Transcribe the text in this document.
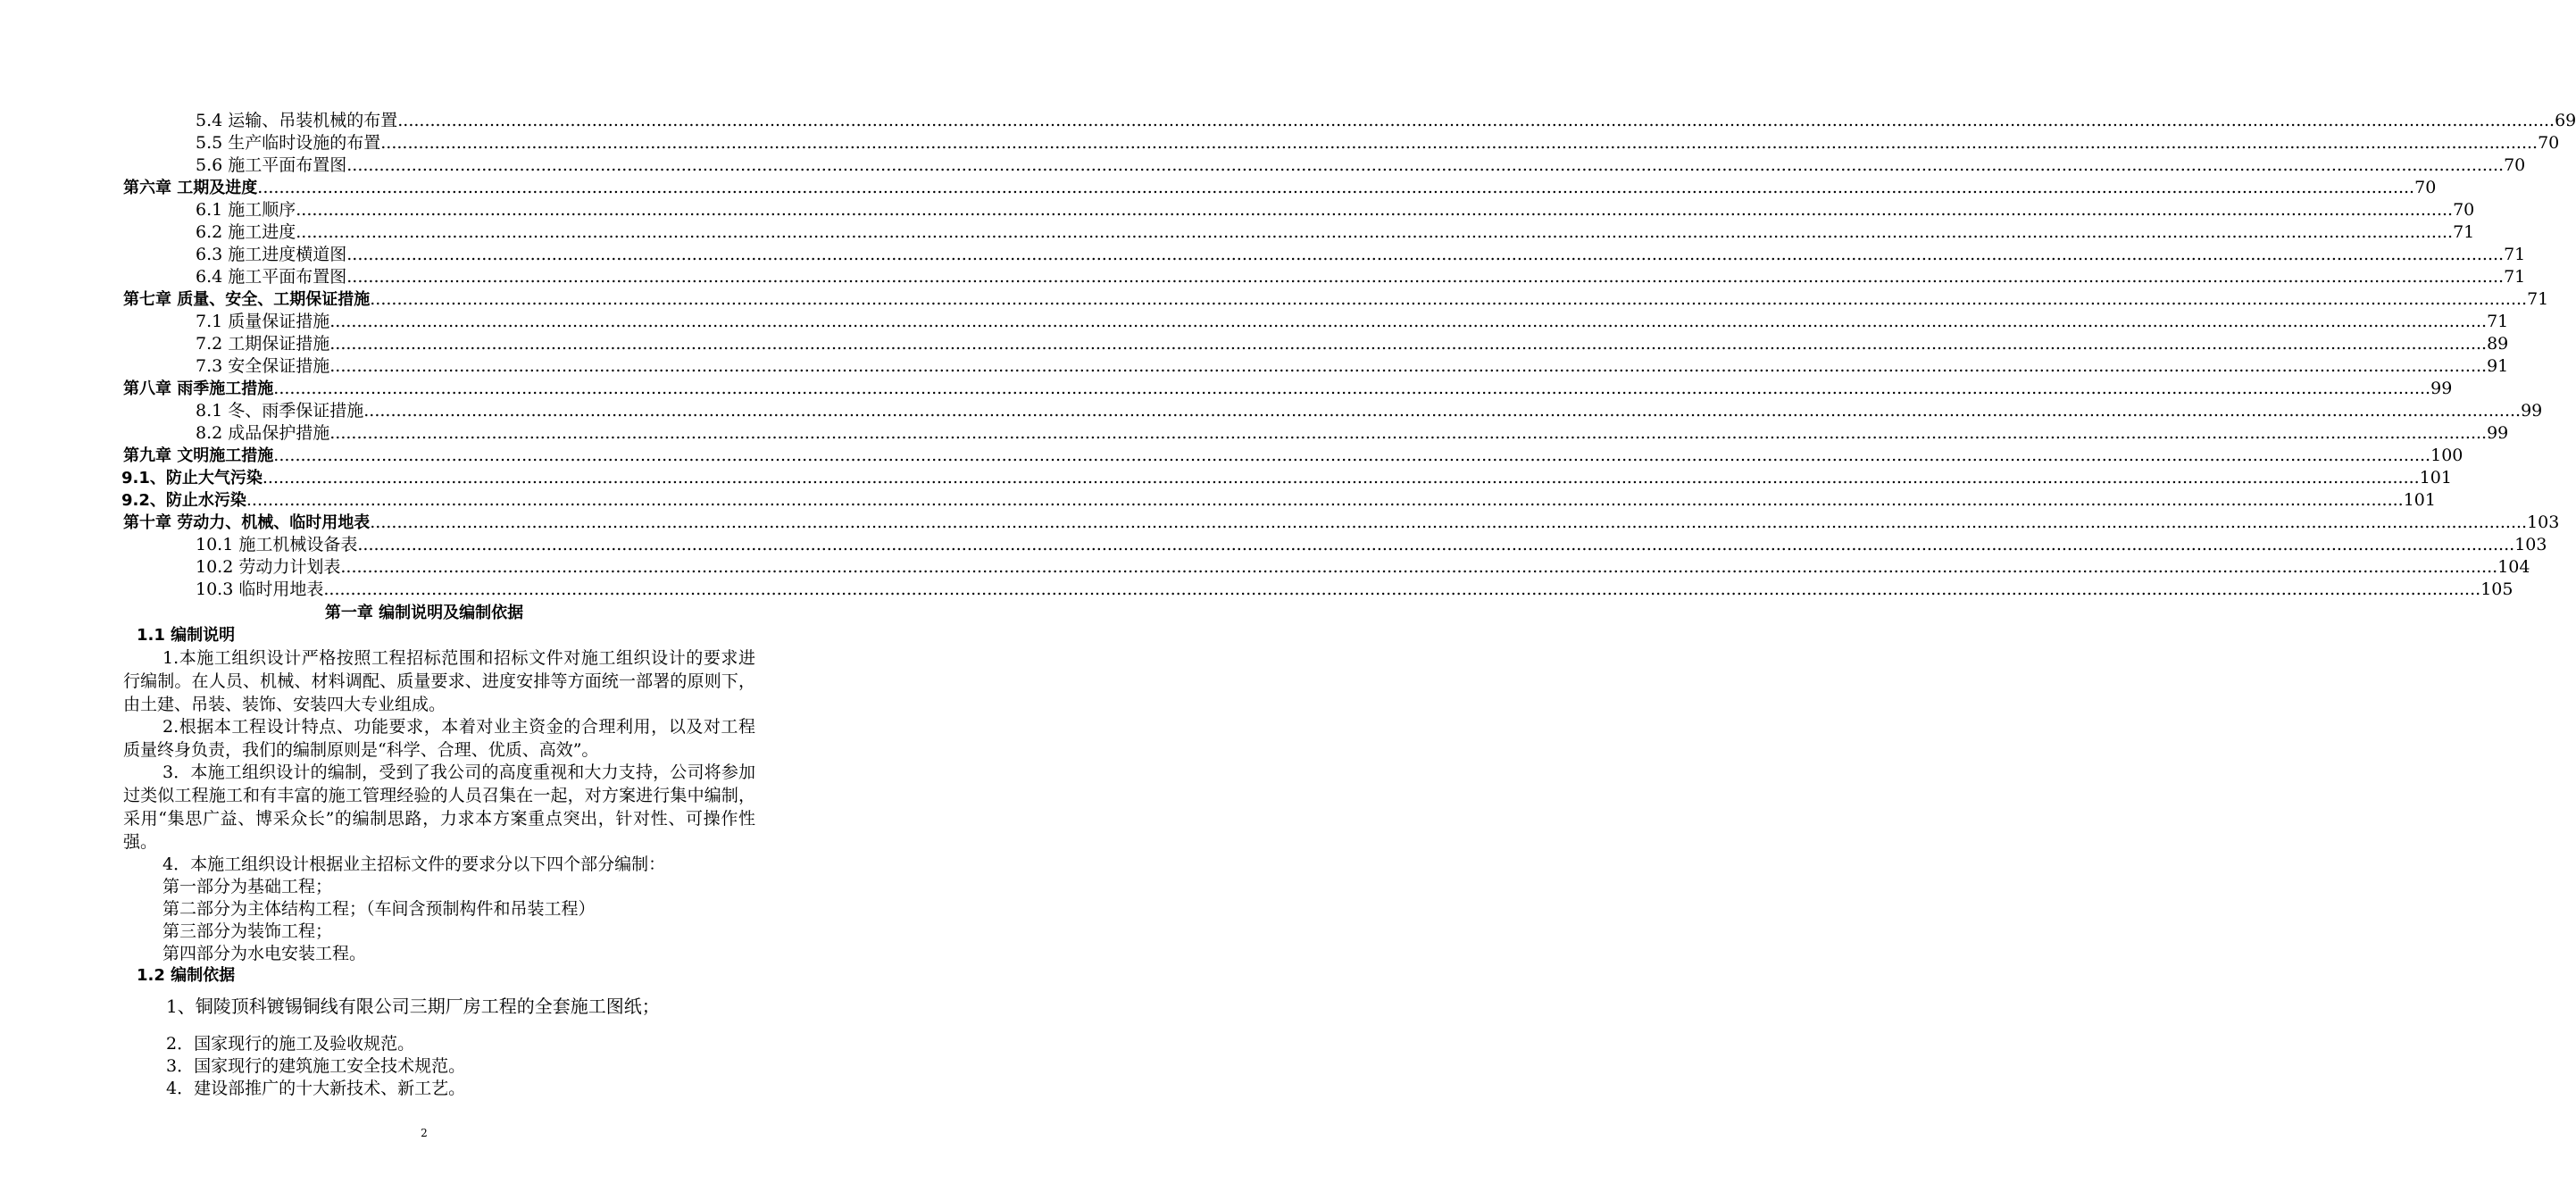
5.4 运输、吊装机械的布置 ................................................................................................................................................................................................................................................................................................................................................................................................................ 69
5.5 生产临时设施的布置 ................................................................................................................................................................................................................................................................................................................................................................................................................ 70
5.6 施工平面布置图 ................................................................................................................................................................................................................................................................................................................................................................................................................ 70
第六章 工期及进度 ................................................................................................................................................................................................................................................................................................................................................................................................................ 70
6.1 施工顺序 ................................................................................................................................................................................................................................................................................................................................................................................................................ 70
6.2 施工进度 ................................................................................................................................................................................................................................................................................................................................................................................................................ 71
6.3 施工进度横道图 ................................................................................................................................................................................................................................................................................................................................................................................................................ 71
6.4 施工平面布置图 ................................................................................................................................................................................................................................................................................................................................................................................................................ 71
第七章 质量、安全、工期保证措施 ................................................................................................................................................................................................................................................................................................................................................................................................................ 71
7.1 质量保证措施 ................................................................................................................................................................................................................................................................................................................................................................................................................ 71
7.2 工期保证措施 ................................................................................................................................................................................................................................................................................................................................................................................................................ 89
7.3 安全保证措施 ................................................................................................................................................................................................................................................................................................................................................................................................................ 91
第八章 雨季施工措施 ................................................................................................................................................................................................................................................................................................................................................................................................................ 99
8.1 冬、雨季保证措施 ................................................................................................................................................................................................................................................................................................................................................................................................................ 99
8.2 成品保护措施 ................................................................................................................................................................................................................................................................................................................................................................................................................ 99
第九章 文明施工措施 ................................................................................................................................................................................................................................................................................................................................................................................................................ 100
9.1、防止大气污染 ................................................................................................................................................................................................................................................................................................................................................................................................................ 101
9.2、防止水污染 ................................................................................................................................................................................................................................................................................................................................................................................................................ 101
第十章 劳动力、机械、临时用地表 ................................................................................................................................................................................................................................................................................................................................................................................................................ 103
10.1 施工机械设备表 ................................................................................................................................................................................................................................................................................................................................................................................................................ 103
10.2 劳动力计划表 ................................................................................................................................................................................................................................................................................................................................................................................................................ 104
10.3 临时用地表 ................................................................................................................................................................................................................................................................................................................................................................................................................ 105
第一章 编制说明及编制依据
1.1 编制说明
1.本施工组织设计严格按照工程招标范围和招标文件对施工组织设计的要求进行编制。在人员、机械、材料调配、质量要求、进度安排等方面统一部署的原则下，由土建、吊装、装饰、安装四大专业组成。
2.根据本工程设计特点、功能要求，本着对业主资金的合理利用，以及对工程质量终身负责，我们的编制原则是“科学、合理、优质、高效”。
3．本施工组织设计的编制，受到了我公司的高度重视和大力支持，公司将参加过类似工程施工和有丰富的施工管理经验的人员召集在一起，对方案进行集中编制，采用“集思广益、博采众长”的编制思路，力求本方案重点突出，针对性、可操作性强。
4．本施工组织设计根据业主招标文件的要求分以下四个部分编制：
第一部分为基础工程；
第二部分为主体结构工程；（车间含预制构件和吊装工程）
第三部分为装饰工程；
第四部分为水电安装工程。
1.2 编制依据
1、铜陵顶科镀锡铜线有限公司三期厂房工程的全套施工图纸；
2．国家现行的施工及验收规范。
3．国家现行的建筑施工安全技术规范。
4．建设部推广的十大新技术、新工艺。
2
